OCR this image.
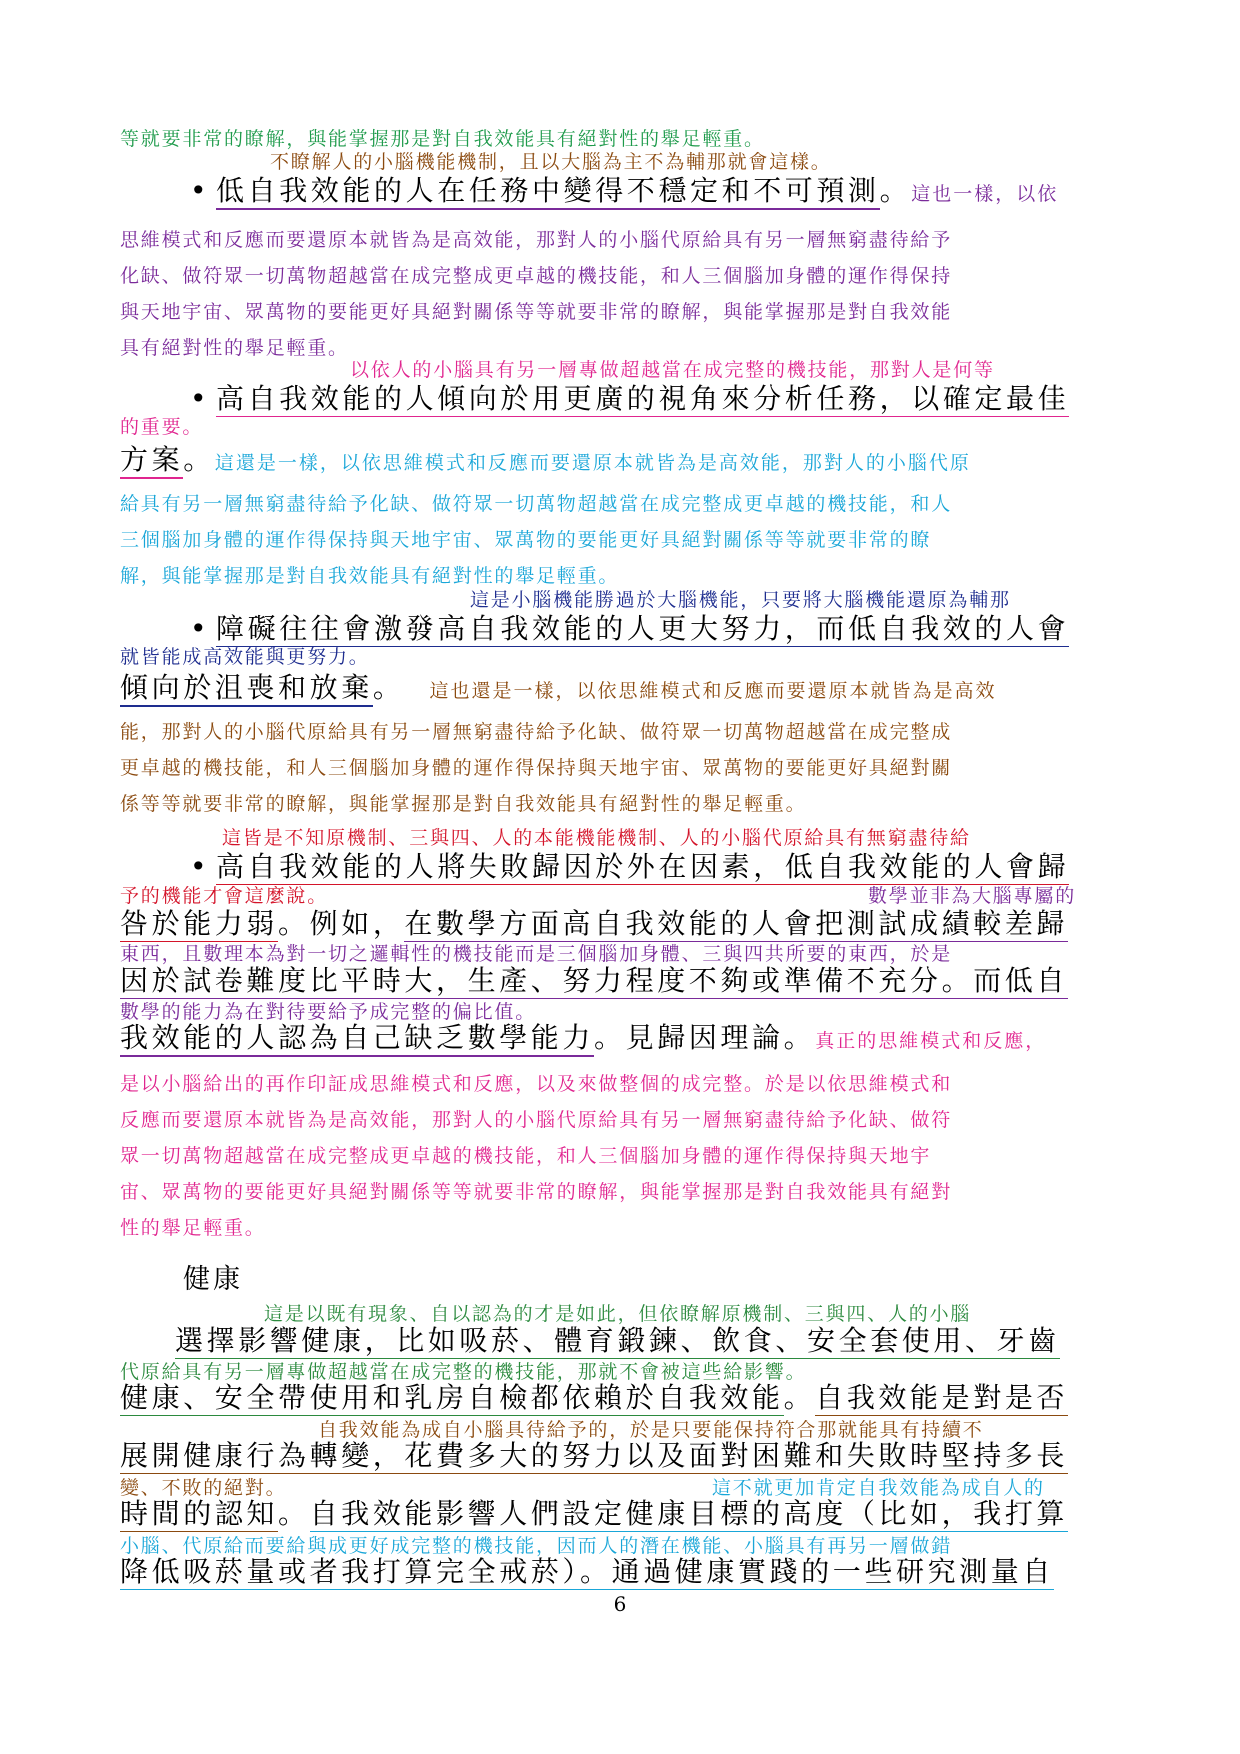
等就要非常的瞭解，與能掌握那是對自我效能具有絕對性的舉足輕重。
不瞭解人的小腦機能機制，且以大腦為主不為輔那就會這樣。
• 低自我效能的人在任務中變得不穩定和不可預測。這也一樣，以依
思維模式和反應而要還原本就皆為是高效能，那對人的小腦代原給具有另一層無窮盡待給予
化缺、做符眾一切萬物超越當在成完整成更卓越的機技能，和人三個腦加身體的運作得保持
與天地宇宙、眾萬物的要能更好具絕對關係等等就要非常的瞭解，與能掌握那是對自我效能
具有絕對性的舉足輕重。
以依人的小腦具有另一層專做超越當在成完整的機技能，那對人是何等
• 高自我效能的人傾向於用更廣的視角來分析任務，以確定最佳
的重要。
方案。這還是一樣，以依思維模式和反應而要還原本就皆為是高效能，那對人的小腦代原
給具有另一層無窮盡待給予化缺、做符眾一切萬物超越當在成完整成更卓越的機技能，和人
三個腦加身體的運作得保持與天地宇宙、眾萬物的要能更好具絕對關係等等就要非常的瞭
解，與能掌握那是對自我效能具有絕對性的舉足輕重。
這是小腦機能勝過於大腦機能，只要將大腦機能還原為輔那
• 障礙往往會激發高自我效能的人更大努力，而低自我效的人會
就皆能成高效能與更努力。
傾向於沮喪和放棄。 這也還是一樣，以依思維模式和反應而要還原本就皆為是高效
能，那對人的小腦代原給具有另一層無窮盡待給予化缺、做符眾一切萬物超越當在成完整成
更卓越的機技能，和人三個腦加身體的運作得保持與天地宇宙、眾萬物的要能更好具絕對關
係等等就要非常的瞭解，與能掌握那是對自我效能具有絕對性的舉足輕重。
這皆是不知原機制、三與四、人的本能機能機制、人的小腦代原給具有無窮盡待給
• 高自我效能的人將失敗歸因於外在因素，低自我效能的人會歸
予的機能才會這麼說。	數學並非為大腦專屬的
咎於能力弱。例如，在數學方面高自我效能的人會把測試成績較差歸
東西，且數理本為對一切之邏輯性的機技能而是三個腦加身體、三與四共所要的東西，於是
因於試卷難度比平時大，生產、努力程度不夠或準備不充分。而低自
數學的能力為在對待要給予成完整的偏比值。
我效能的人認為自己缺乏數學能力。見歸因理論。真正的思維模式和反應，
是以小腦給出的再作印証成思維模式和反應，以及來做整個的成完整。於是以依思維模式和
反應而要還原本就皆為是高效能，那對人的小腦代原給具有另一層無窮盡待給予化缺、做符
眾一切萬物超越當在成完整成更卓越的機技能，和人三個腦加身體的運作得保持與天地宇
宙、眾萬物的要能更好具絕對關係等等就要非常的瞭解，與能掌握那是對自我效能具有絕對
性的舉足輕重。
健康
這是以既有現象、自以認為的才是如此，但依瞭解原機制、三與四、人的小腦
選擇影響健康，比如吸菸、體育鍛鍊、飲食、安全套使用、牙齒
代原給具有另一層專做超越當在成完整的機技能，那就不會被這些給影響。
健康、安全帶使用和乳房自檢都依賴於自我效能。自我效能是對是否
自我效能為成自小腦具待給予的，於是只要能保持符合那就能具有持續不
展開健康行為轉變，花費多大的努力以及面對困難和失敗時堅持多長
變、不敗的絕對。	這不就更加肯定自我效能為成自人的
時間的認知。自我效能影響人們設定健康目標的高度（比如，我打算
小腦、代原給而要給與成更好成完整的機技能，因而人的潛在機能、小腦具有再另一層做錯
降低吸菸量或者我打算完全戒菸）。通過健康實踐的一些研究測量自
6
